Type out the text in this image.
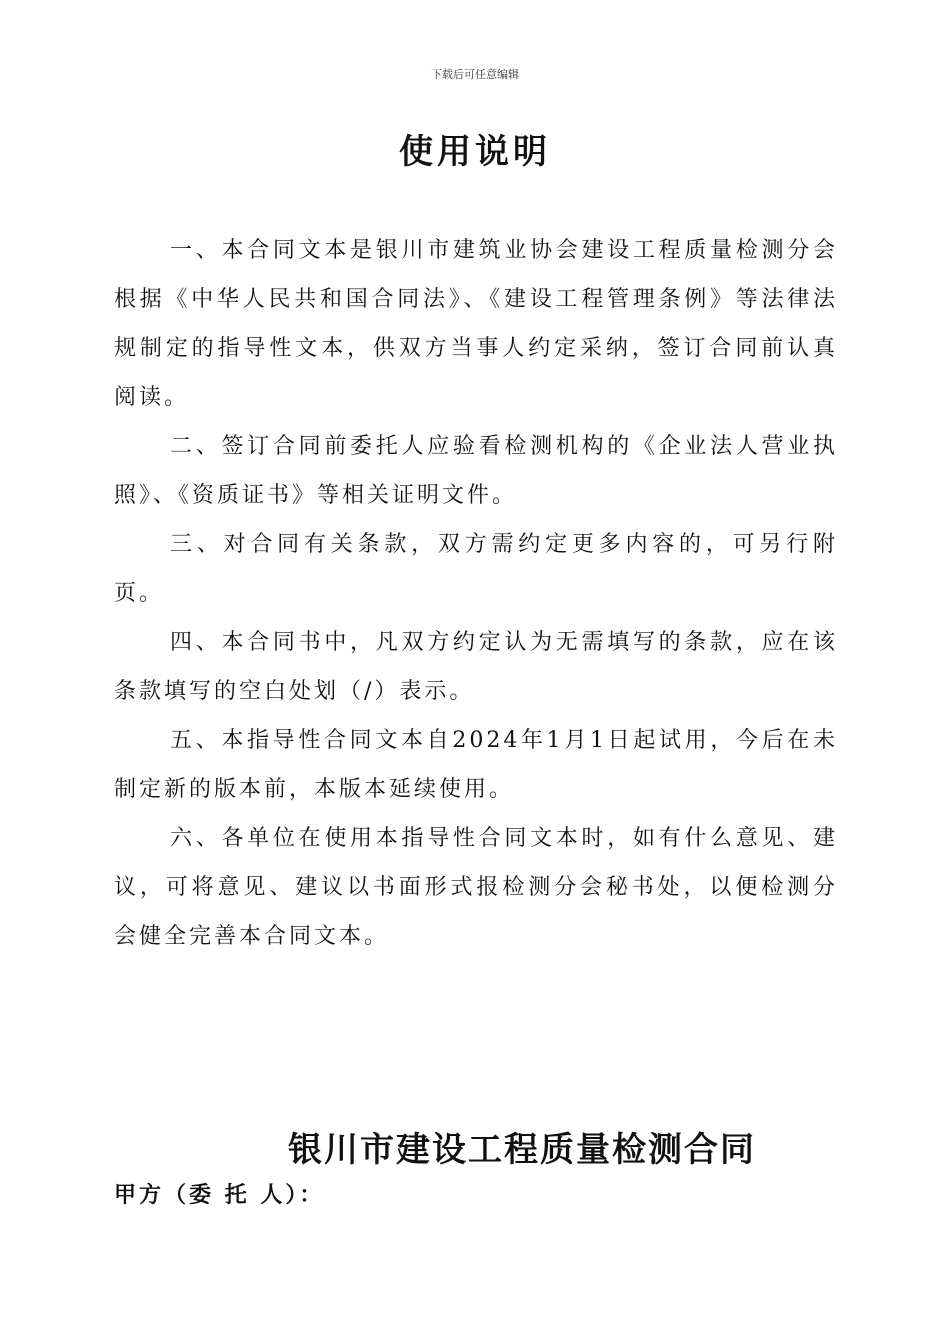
下载后可任意编辑
使用说明

一、本合同文本是银川市建筑业协会建设工程质量检测分会根据《中华人民共和国合同法》、《建设工程管理条例》等法律法规制定的指导性文本，供双方当事人约定采纳，签订合同前认真阅读。

二、签订合同前委托人应验看检测机构的《企业法人营业执照》、《资质证书》等相关证明文件。

三、对合同有关条款，双方需约定更多内容的，可另行附页。

四、本合同书中，凡双方约定认为无需填写的条款，应在该条款填写的空白处划（/）表示。

五、本指导性合同文本自2024年1月1日起试用，今后在未制定新的版本前，本版本延续使用。

六、各单位在使用本指导性合同文本时，如有什么意见、建议，可将意见、建议以书面形式报检测分会秘书处，以便检测分会健全完善本合同文本。

银川市建设工程质量检测合同
甲方（委 托 人）：
